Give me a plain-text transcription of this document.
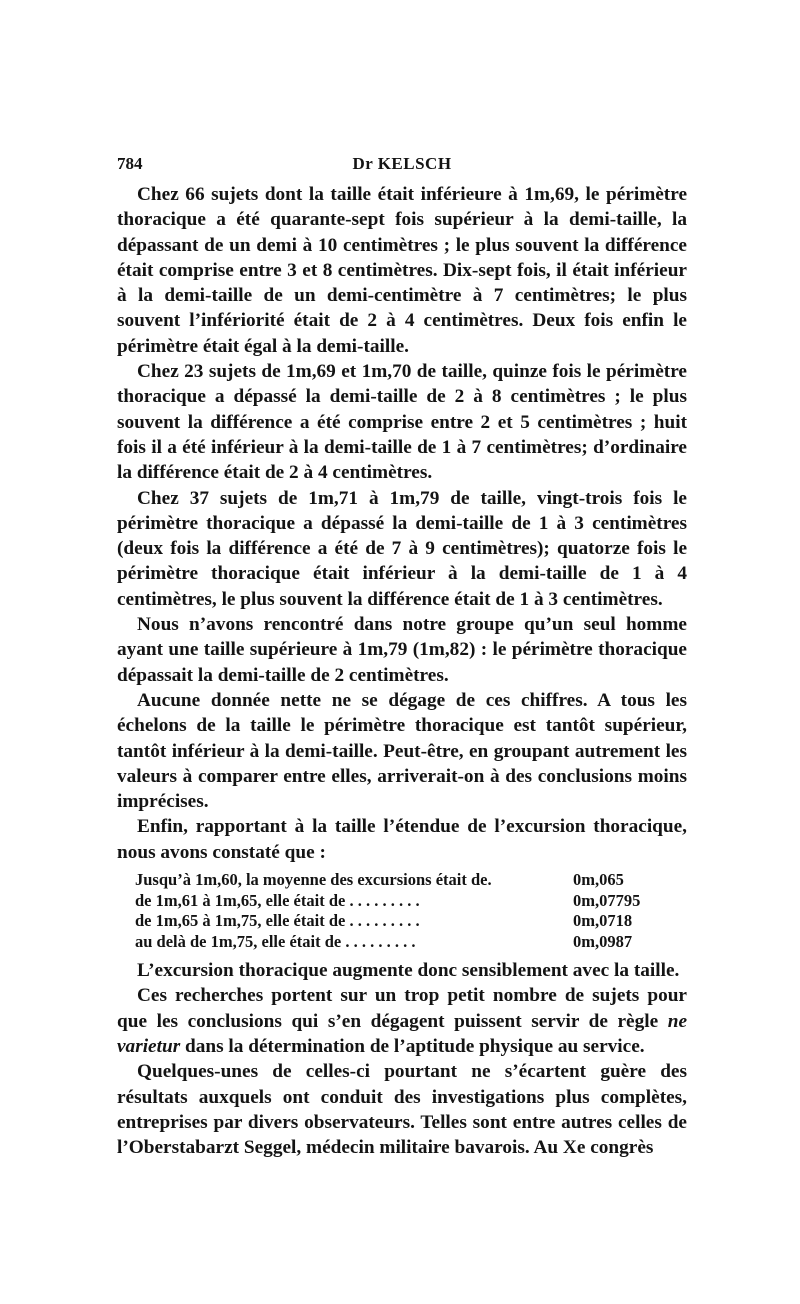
784	Dr KELSCH

Chez 66 sujets dont la taille était inférieure à 1m,69, le périmètre thoracique a été quarante-sept fois supérieur à la demi-taille, la dépassant de un demi à 10 centimètres ; le plus souvent la différence était comprise entre 3 et 8 centimètres. Dix-sept fois, il était inférieur à la demi-taille de un demi-centimètre à 7 centimètres; le plus souvent l’infériorité était de 2 à 4 centimètres. Deux fois enfin le périmètre était égal à la demi-taille.

Chez 23 sujets de 1m,69 et 1m,70 de taille, quinze fois le périmètre thoracique a dépassé la demi-taille de 2 à 8 centimètres ; le plus souvent la différence a été comprise entre 2 et 5 centimètres ; huit fois il a été inférieur à la demi-taille de 1 à 7 centimètres; d’ordinaire la différence était de 2 à 4 centimètres.

Chez 37 sujets de 1m,71 à 1m,79 de taille, vingt-trois fois le périmètre thoracique a dépassé la demi-taille de 1 à 3 centimètres (deux fois la différence a été de 7 à 9 centimètres); quatorze fois le périmètre thoracique était inférieur à la demi-taille de 1 à 4 centimètres, le plus souvent la différence était de 1 à 3 centimètres.

Nous n’avons rencontré dans notre groupe qu’un seul homme ayant une taille supérieure à 1m,79 (1m,82) : le périmètre thoracique dépassait la demi-taille de 2 centimètres.

Aucune donnée nette ne se dégage de ces chiffres. A tous les échelons de la taille le périmètre thoracique est tantôt supérieur, tantôt inférieur à la demi-taille. Peut-être, en groupant autrement les valeurs à comparer entre elles, arriverait-on à des conclusions moins imprécises.

Enfin, rapportant à la taille l’étendue de l’excursion thoracique, nous avons constaté que :

Jusqu’à 1m,60, la moyenne des excursions était de.	0m,065
de 1m,61 à 1m,65, elle était de . . . . . . . . .	0m,07795
de 1m,65 à 1m,75, elle était de . . . . . . . . .	0m,0718
au delà de 1m,75, elle était de . . . . . . . . .	0m,0987

L’excursion thoracique augmente donc sensiblement avec la taille.

Ces recherches portent sur un trop petit nombre de sujets pour que les conclusions qui s’en dégagent puissent servir de règle ne varietur dans la détermination de l’aptitude physique au service.

Quelques-unes de celles-ci pourtant ne s’écartent guère des résultats auxquels ont conduit des investigations plus complètes, entreprises par divers observateurs. Telles sont entre autres celles de l’Oberstabarzt Seggel, médecin militaire bavarois. Au Xe congrès
